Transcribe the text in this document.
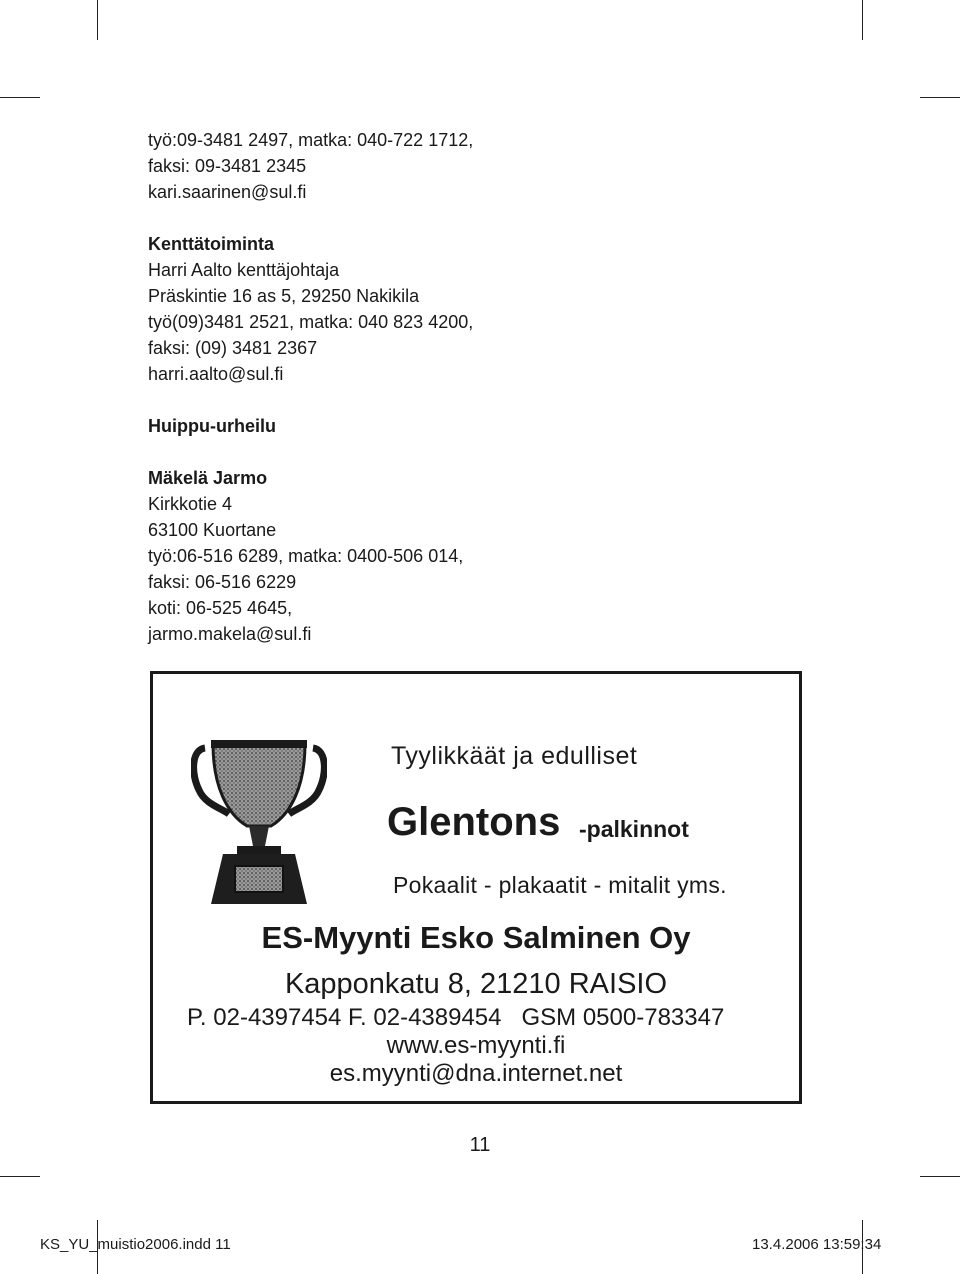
työ:09-3481 2497, matka: 040-722 1712,
faksi: 09-3481 2345
kari.saarinen@sul.fi
Kenttätoiminta
Harri Aalto kenttäjohtaja
Präskintie 16 as 5, 29250 Nakikila
työ(09)3481 2521, matka: 040 823 4200,
faksi: (09) 3481 2367
harri.aalto@sul.fi
Huippu-urheilu
Mäkelä Jarmo
Kirkkotie 4
63100 Kuortane
työ:06-516 6289, matka: 0400-506 014,
faksi: 06-516 6229
koti: 06-525 4645,
jarmo.makela@sul.fi
Tyylikkäät ja edulliset
Glentons -palkinnot
Pokaalit - plakaatit - mitalit yms.
ES-Myynti Esko Salminen Oy
Kapponkatu 8, 21210 RAISIO
P. 02-4397454 F. 02-4389454   GSM 0500-783347
www.es-myynti.fi
es.myynti@dna.internet.net
11
KS_YU_muistio2006.indd 11	13.4.2006 13:59:34
